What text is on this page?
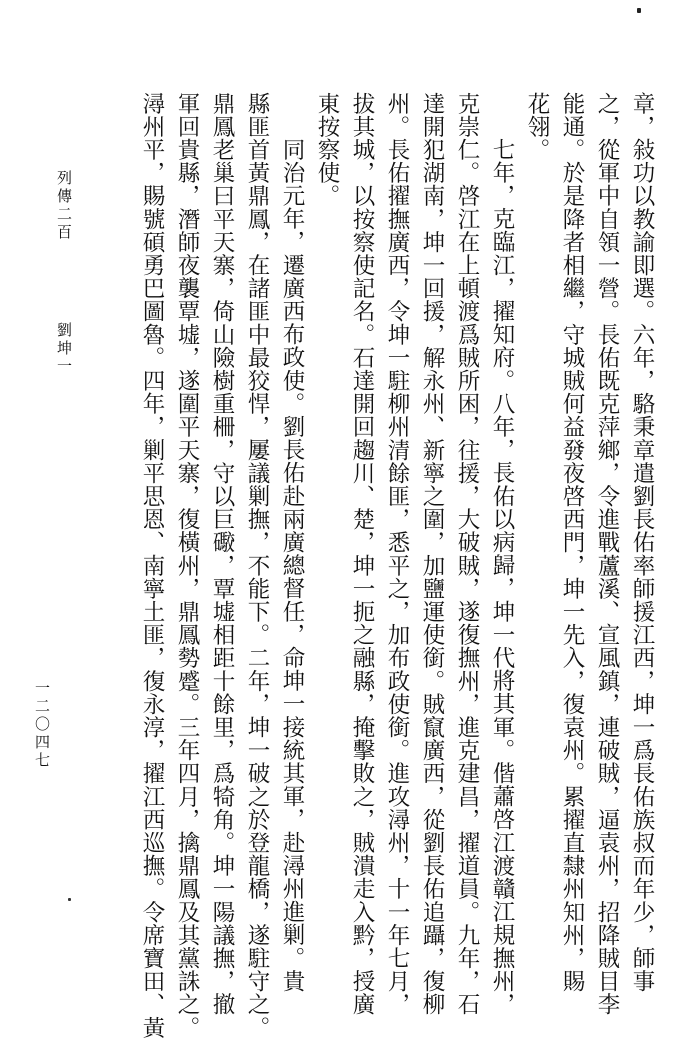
章，敍功以教諭即選。六年，駱秉章遣劉長佑率師援江西，坤一爲長佑族叔而年少，師事

之，從軍中自領一營。長佑既克萍鄉，令進戰蘆溪、宣風鎮，連破賊，逼袁州，招降賊目李

能通。於是降者相繼，守城賊何益發夜啓西門，坤一先入，復袁州。累擢直隸州知州，賜

花翎。

七年，克臨江，擢知府。八年，長佑以病歸，坤一代將其軍。偕蕭啓江渡贛江規撫州，

克崇仁。啓江在上頓渡爲賊所困，往援，大破賊，遂復撫州，進克建昌，擢道員。九年，石

達開犯湖南，坤一回援，解永州、新寧之圍，加鹽運使銜。賊竄廣西，從劉長佑追躡，復柳

州。長佑擢撫廣西，令坤一駐柳州清餘匪，悉平之，加布政使銜。進攻潯州，十一年七月，

拔其城，以按察使記名。石達開回趨川、楚，坤一扼之融縣，掩擊敗之，賊潰走入黔，授廣

東按察使。

同治元年，遷廣西布政使。劉長佑赴兩廣總督任，命坤一接統其軍，赴潯州進剿。貴

縣匪首黃鼎鳳，在諸匪中最狡悍，屢議剿撫，不能下。二年，坤一破之於登龍橋，遂駐守之。

鼎鳳老巢曰平天寨，倚山險樹重柵，守以巨礮，覃墟相距十餘里，爲犄角。坤一陽議撫，撤

軍回貴縣，潛師夜襲覃墟，遂圍平天寨，復橫州，鼎鳳勢蹙。三年四月，擒鼎鳳及其黨誅之。

潯州平，賜號碩勇巴圖魯。四年，剿平思恩、南寧土匪，復永淳，擢江西巡撫。令席寶田、黃

列傳二百  劉坤一
一二〇四七
